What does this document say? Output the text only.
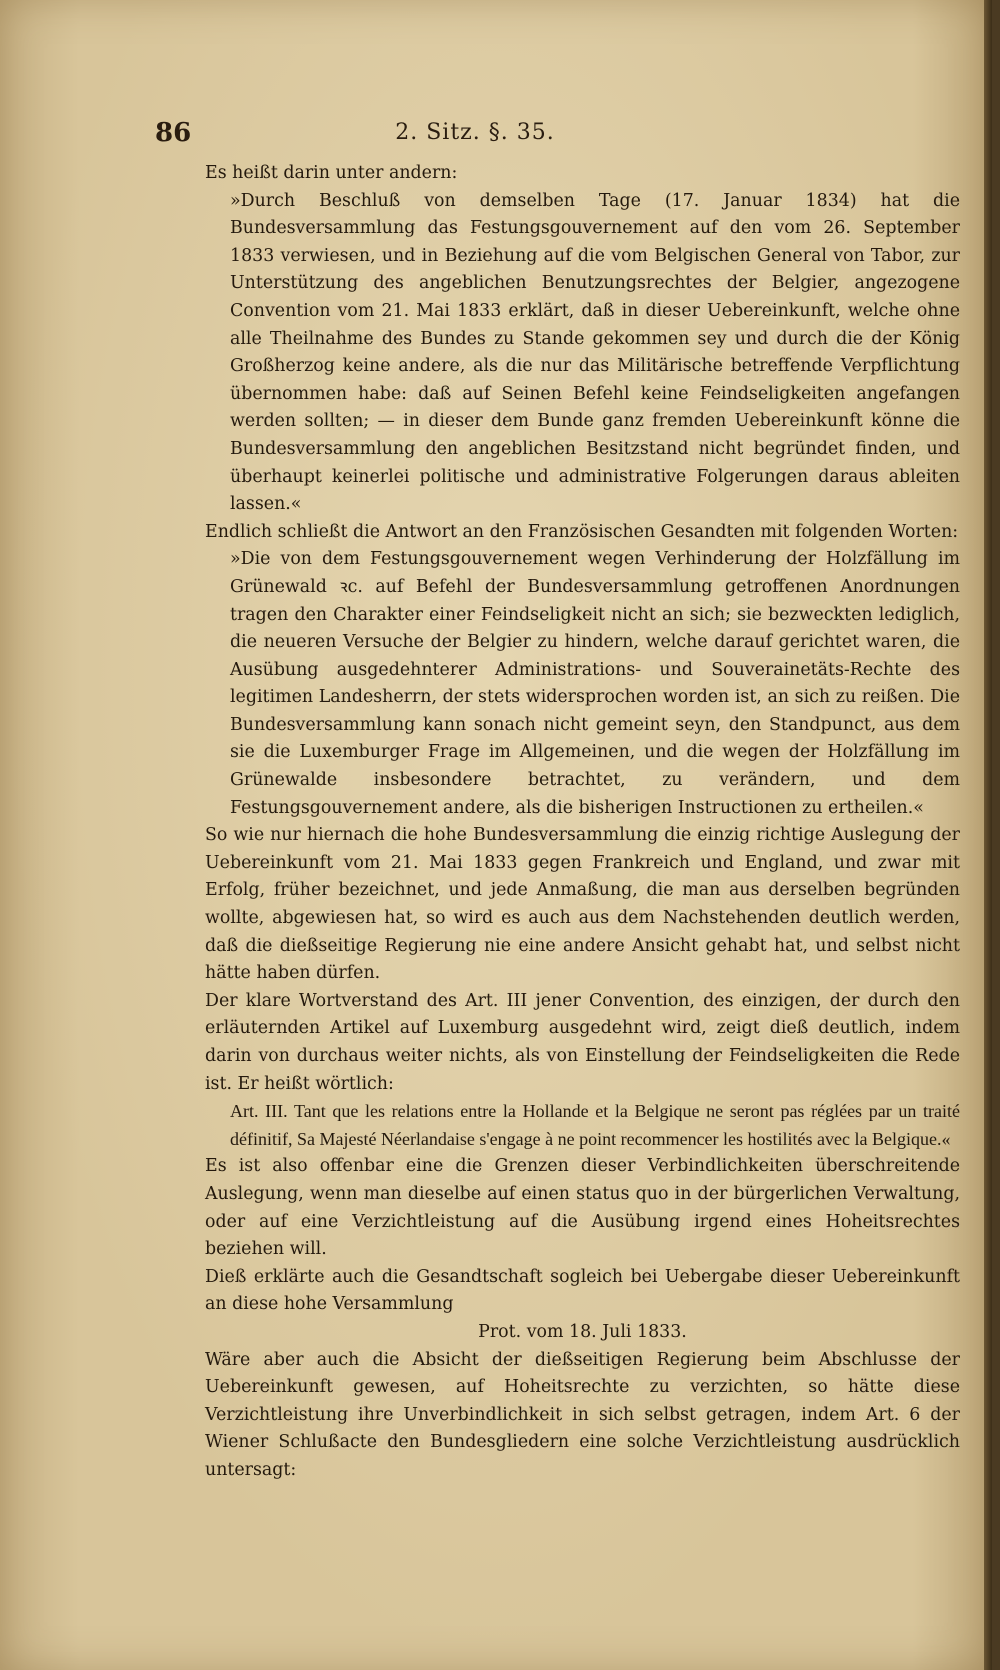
86	2. Sitz. §. 35.

Es heißt darin unter andern:

»Durch Beschluß von demselben Tage (17. Januar 1834) hat die Bundesversammlung das Festungsgouvernement auf den vom 26. September 1833 verwiesen, und in Beziehung auf die vom Belgischen General von Tabor, zur Unterstützung des angeblichen Benutzungsrechtes der Belgier, angezogene Convention vom 21. Mai 1833 erklärt, daß in dieser Uebereinkunft, welche ohne alle Theilnahme des Bundes zu Stande gekommen sey und durch die der König Großherzog keine andere, als die nur das Militärische betreffende Verpflichtung übernommen habe: daß auf Seinen Befehl keine Feindseligkeiten angefangen werden sollten; — in dieser dem Bunde ganz fremden Uebereinkunft könne die Bundesversammlung den angeblichen Besitzstand nicht begründet finden, und überhaupt keinerlei politische und administrative Folgerungen daraus ableiten lassen.«

Endlich schließt die Antwort an den Französischen Gesandten mit folgenden Worten:

»Die von dem Festungsgouvernement wegen Verhinderung der Holzfällung im Grünewald ꝛc. auf Befehl der Bundesversammlung getroffenen Anordnungen tragen den Charakter einer Feindseligkeit nicht an sich; sie bezweckten lediglich, die neueren Versuche der Belgier zu hindern, welche darauf gerichtet waren, die Ausübung ausgedehnterer Administrations- und Souverainetäts-Rechte des legitimen Landesherrn, der stets widersprochen worden ist, an sich zu reißen. Die Bundesversammlung kann sonach nicht gemeint seyn, den Standpunct, aus dem sie die Luxemburger Frage im Allgemeinen, und die wegen der Holzfällung im Grünewalde insbesondere betrachtet, zu verändern, und dem Festungsgouvernement andere, als die bisherigen Instructionen zu ertheilen.«

So wie nur hiernach die hohe Bundesversammlung die einzig richtige Auslegung der Uebereinkunft vom 21. Mai 1833 gegen Frankreich und England, und zwar mit Erfolg, früher bezeichnet, und jede Anmaßung, die man aus derselben begründen wollte, abgewiesen hat, so wird es auch aus dem Nachstehenden deutlich werden, daß die dießseitige Regierung nie eine andere Ansicht gehabt hat, und selbst nicht hätte haben dürfen.

Der klare Wortverstand des Art. III jener Convention, des einzigen, der durch den erläuternden Artikel auf Luxemburg ausgedehnt wird, zeigt dieß deutlich, indem darin von durchaus weiter nichts, als von Einstellung der Feindseligkeiten die Rede ist. Er heißt wörtlich:

Art. III. Tant que les relations entre la Hollande et la Belgique ne seront pas réglées par un traité définitif, Sa Majesté Néerlandaise s'engage à ne point recommencer les hostilités avec la Belgique.«

Es ist also offenbar eine die Grenzen dieser Verbindlichkeiten überschreitende Auslegung, wenn man dieselbe auf einen status quo in der bürgerlichen Verwaltung, oder auf eine Verzichtleistung auf die Ausübung irgend eines Hoheitsrechtes beziehen will.

Dieß erklärte auch die Gesandtschaft sogleich bei Uebergabe dieser Uebereinkunft an diese hohe Versammlung

Prot. vom 18. Juli 1833.

Wäre aber auch die Absicht der dießseitigen Regierung beim Abschlusse der Uebereinkunft gewesen, auf Hoheitsrechte zu verzichten, so hätte diese Verzichtleistung ihre Unverbindlichkeit in sich selbst getragen, indem Art. 6 der Wiener Schlußacte den Bundesgliedern eine solche Verzichtleistung ausdrücklich untersagt:
